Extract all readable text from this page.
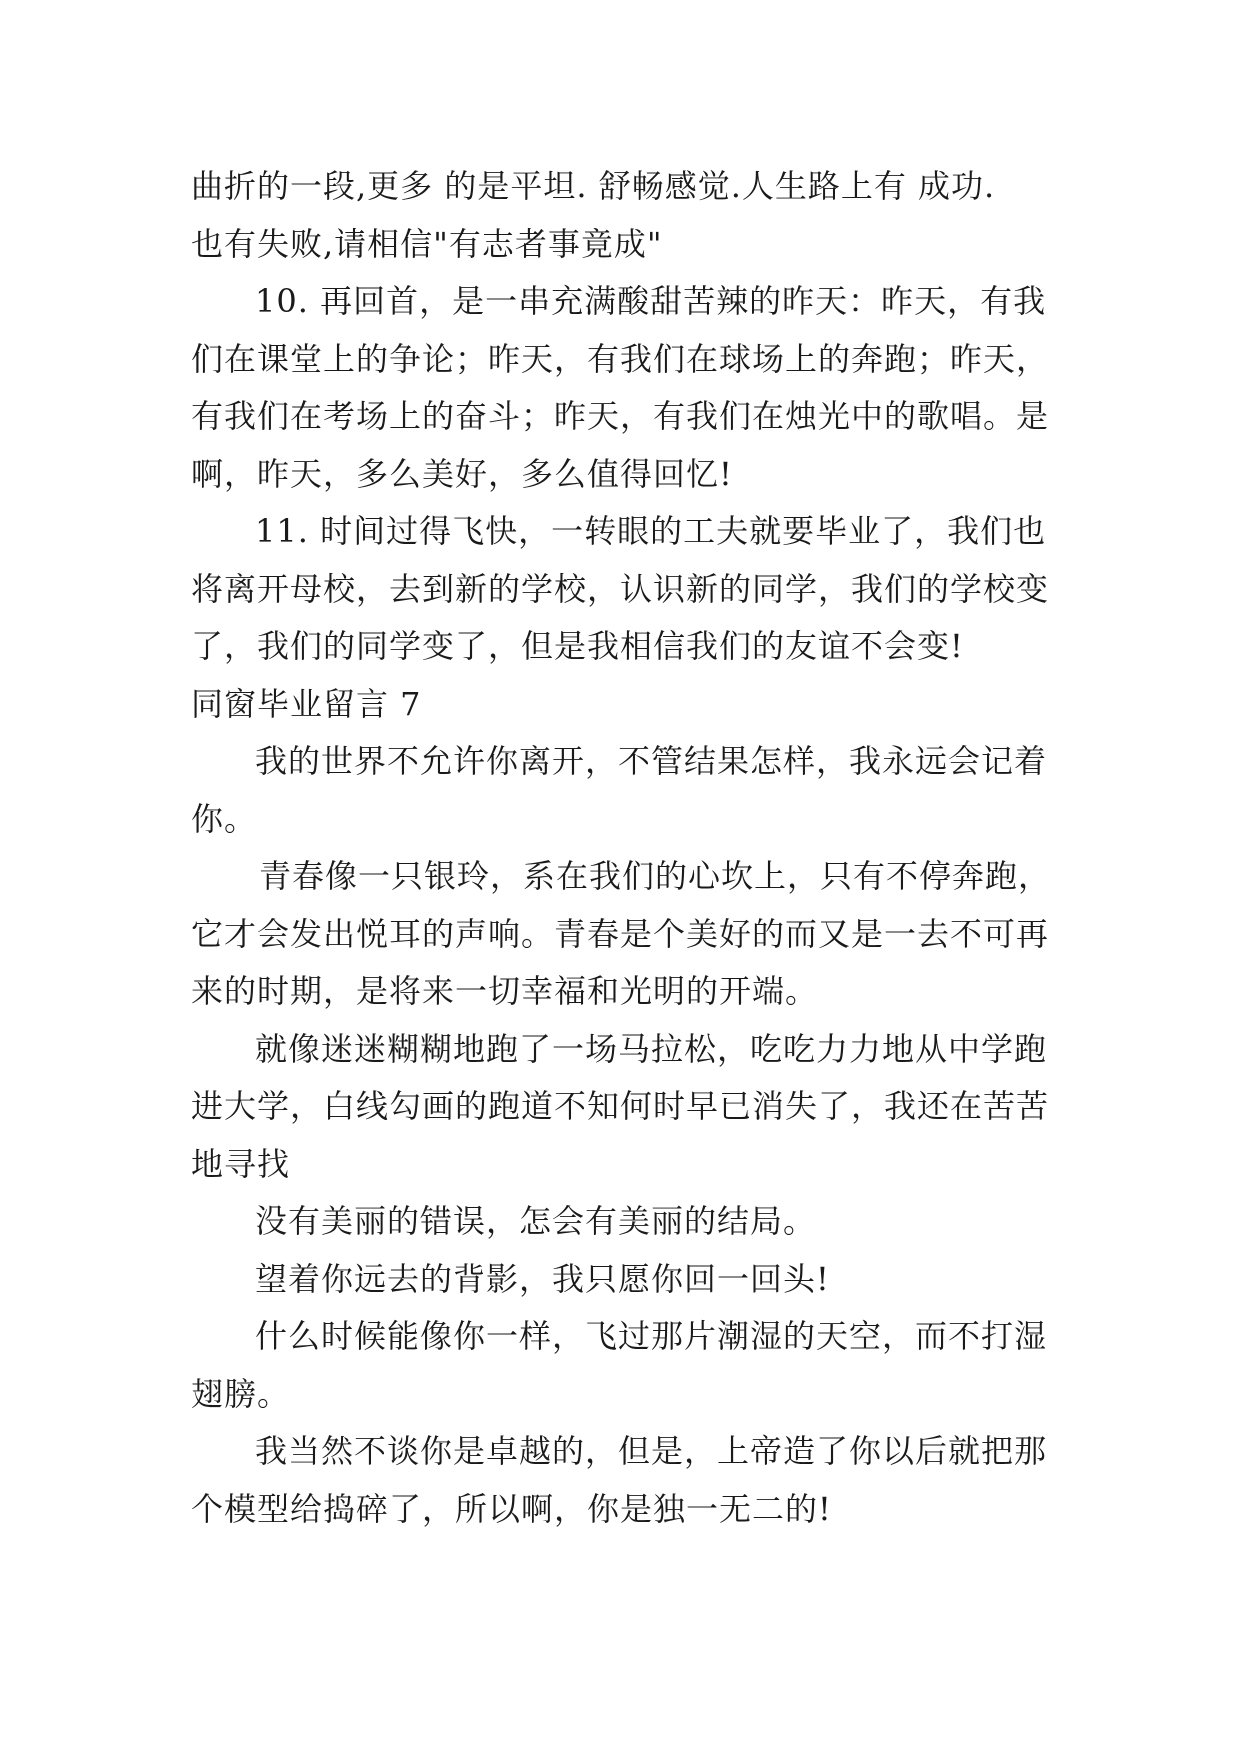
曲折的一段,更多 的是平坦. 舒畅感觉.人生路上有 成功.
也有失败,请相信"有志者事竟成"
10. 再回首，是一串充满酸甜苦辣的昨天：昨天，有我
们在课堂上的争论；昨天，有我们在球场上的奔跑；昨天，
有我们在考场上的奋斗；昨天，有我们在烛光中的歌唱。是
啊，昨天，多么美好，多么值得回忆!
11. 时间过得飞快，一转眼的工夫就要毕业了，我们也
将离开母校，去到新的学校，认识新的同学，我们的学校变
了，我们的同学变了，但是我相信我们的友谊不会变!
同窗毕业留言 7
我的世界不允许你离开，不管结果怎样，我永远会记着
你。
青春像一只银玲，系在我们的心坎上，只有不停奔跑，
它才会发出悦耳的声响。青春是个美好的而又是一去不可再
来的时期，是将来一切幸福和光明的开端。
就像迷迷糊糊地跑了一场马拉松，吃吃力力地从中学跑
进大学，白线勾画的跑道不知何时早已消失了，我还在苦苦
地寻找
没有美丽的错误，怎会有美丽的结局。
望着你远去的背影，我只愿你回一回头!
什么时候能像你一样，飞过那片潮湿的天空，而不打湿
翅膀。
我当然不谈你是卓越的，但是，上帝造了你以后就把那
个模型给捣碎了，所以啊，你是独一无二的!
